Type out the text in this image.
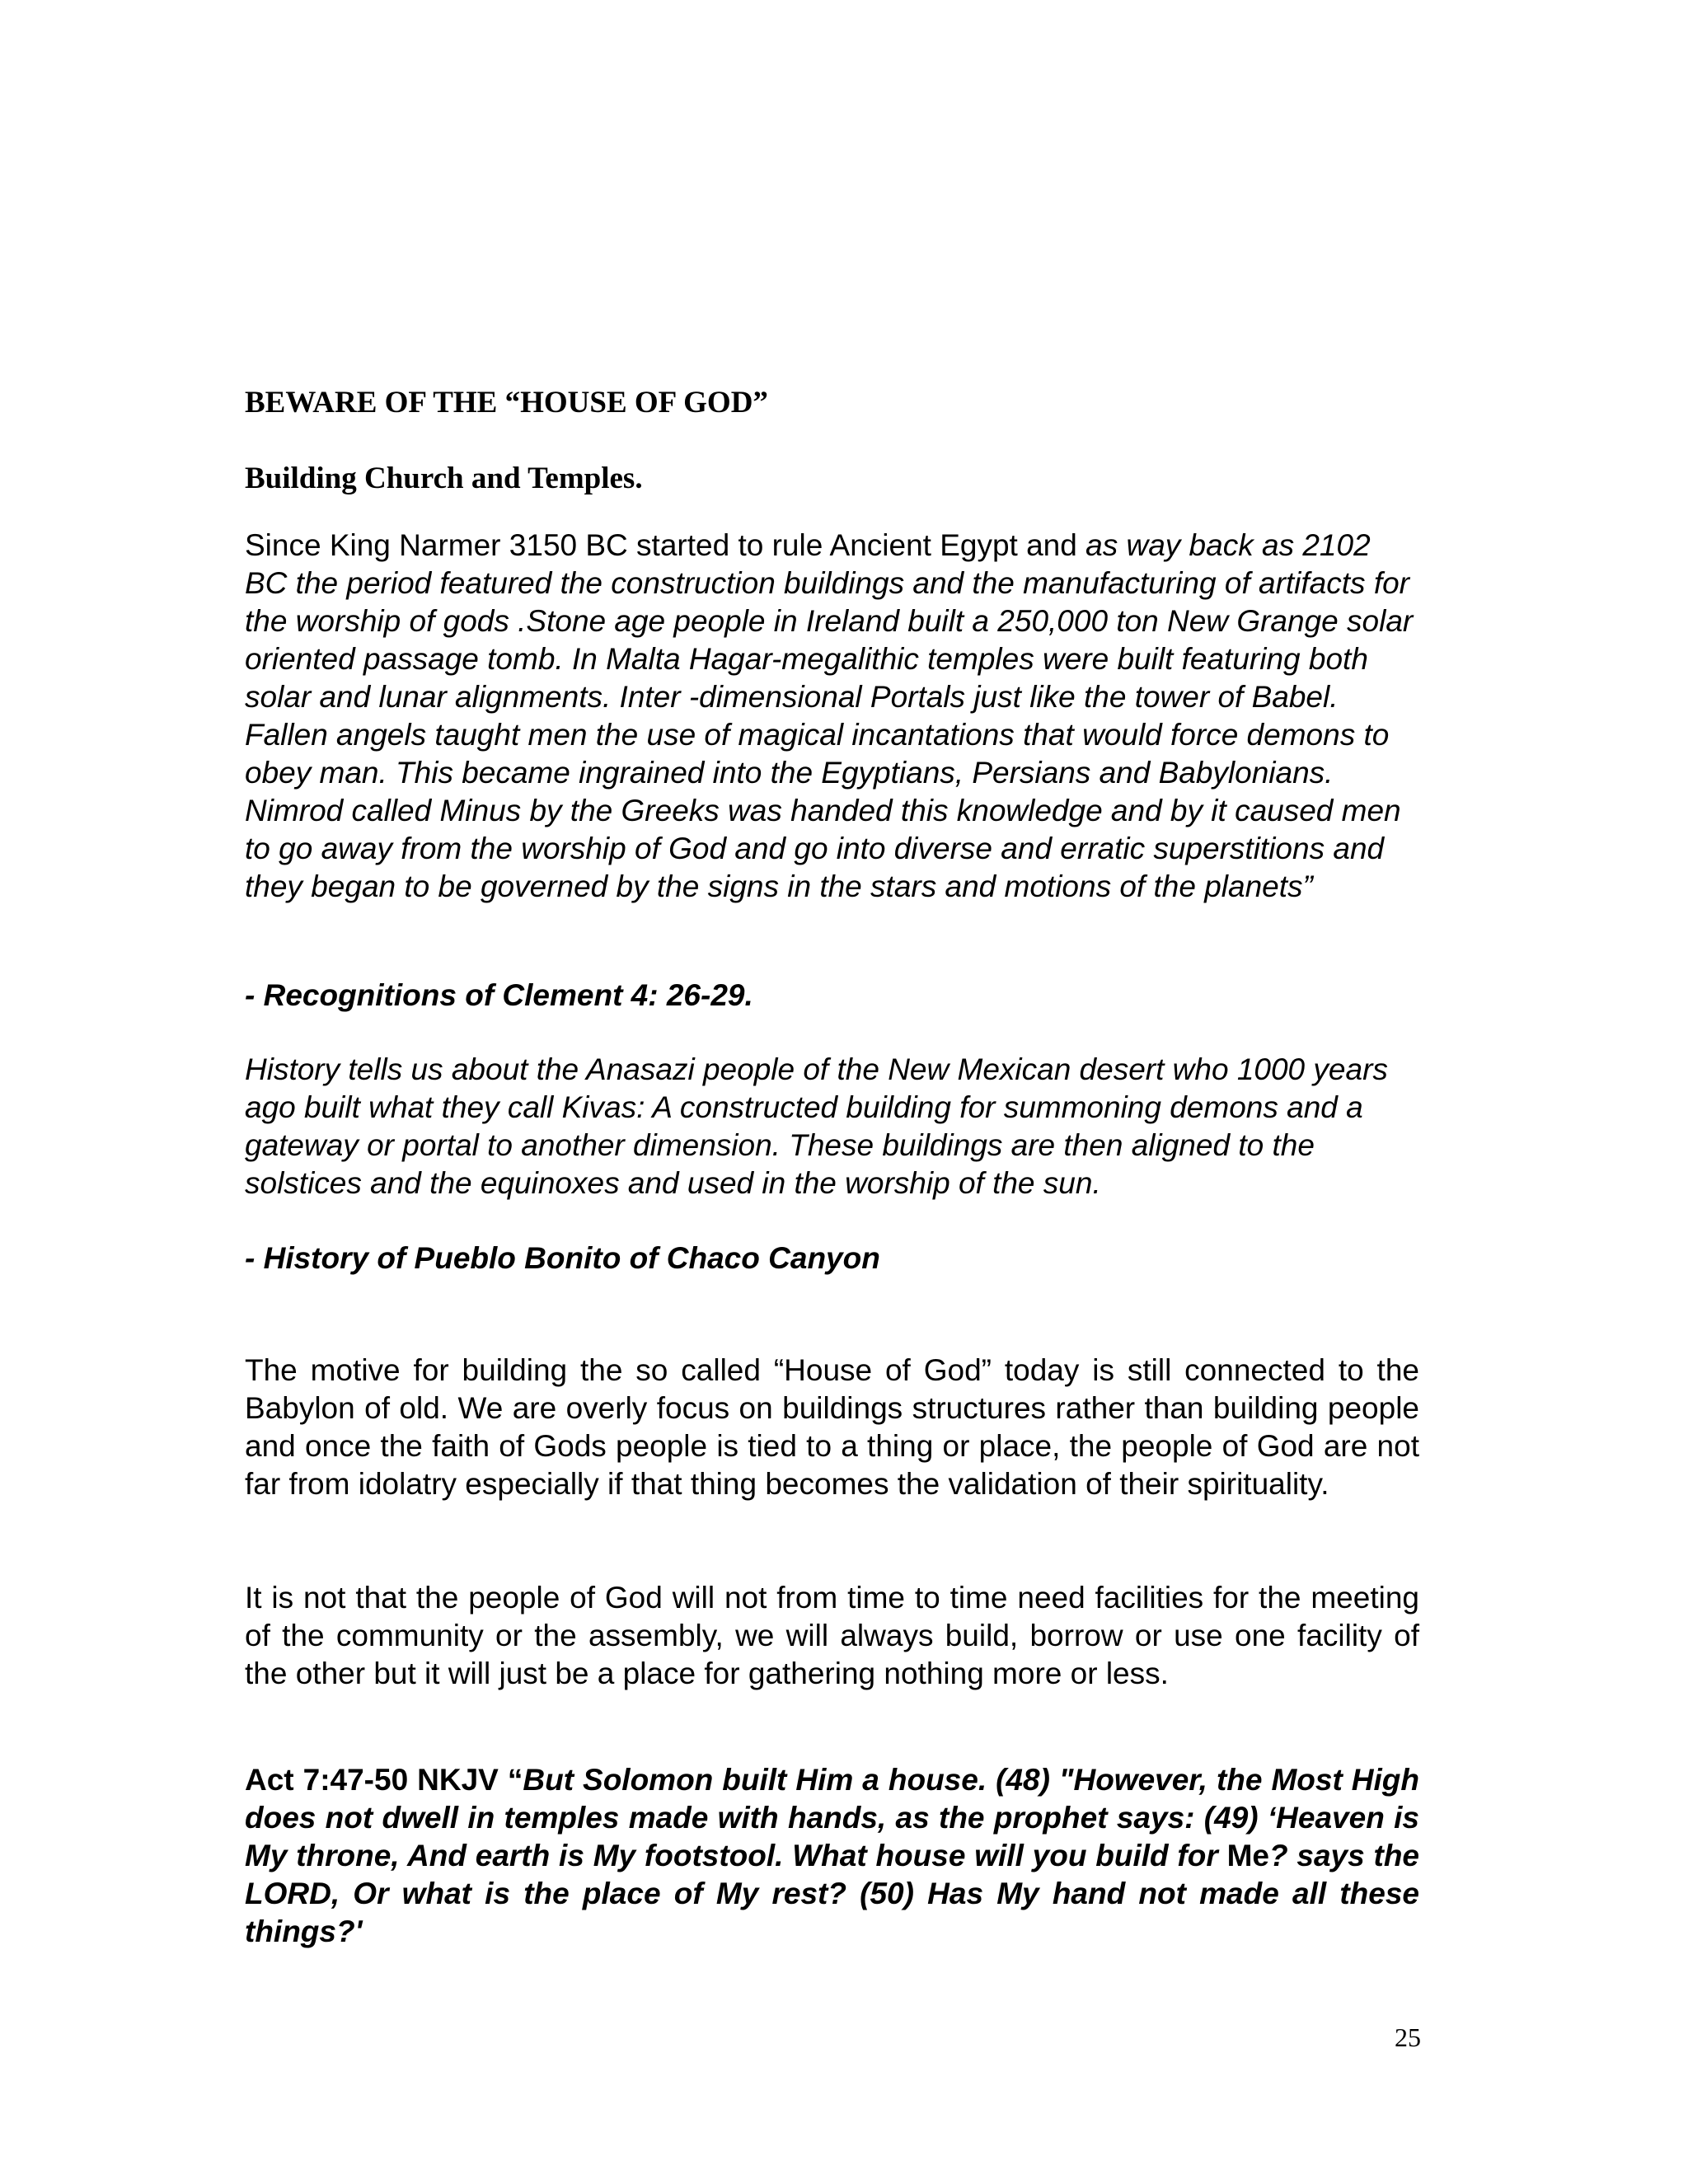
BEWARE OF THE “HOUSE OF GOD”

Building Church and Temples.

Since King Narmer 3150 BC started to rule Ancient Egypt and as way back as 2102 BC the period featured the construction buildings and the manufacturing of artifacts for the worship of gods .Stone age people in Ireland built a 250,000 ton New Grange solar oriented passage tomb. In Malta Hagar-megalithic temples were built featuring both solar and lunar alignments. Inter -dimensional Portals just like the tower of Babel. Fallen angels taught men the use of magical incantations that would force demons to obey man. This became ingrained into the Egyptians, Persians and Babylonians. Nimrod called Minus by the Greeks was handed this knowledge and by it caused men to go away from the worship of God and go into diverse and erratic superstitions and they began to be governed by the signs in the stars and motions of the planets”

- Recognitions of Clement 4: 26-29.

History tells us about the Anasazi people of the New Mexican desert who 1000 years ago built what they call Kivas: A constructed building for summoning demons and a gateway or portal to another dimension. These buildings are then aligned to the solstices and the equinoxes and used in the worship of the sun.

- History of Pueblo Bonito of Chaco Canyon

The motive for building the so called “House of God” today is still connected to the Babylon of old. We are overly focus on buildings structures rather than building people and once the faith of Gods people is tied to a thing or place, the people of God are not far from idolatry especially if that thing becomes the validation of their spirituality.

It is not that the people of God will not from time to time need facilities for the meeting of the community or the assembly, we will always build, borrow or use one facility of the other but it will just be a place for gathering nothing more or less.

Act 7:47-50 NKJV “But Solomon built Him a house. (48) "However, the Most High does not dwell in temples made with hands, as the prophet says: (49) ‘Heaven is My throne, And earth is My footstool. What house will you build for Me? says the LORD, Or what is the place of My rest? (50) Has My hand not made all these things?'

25
